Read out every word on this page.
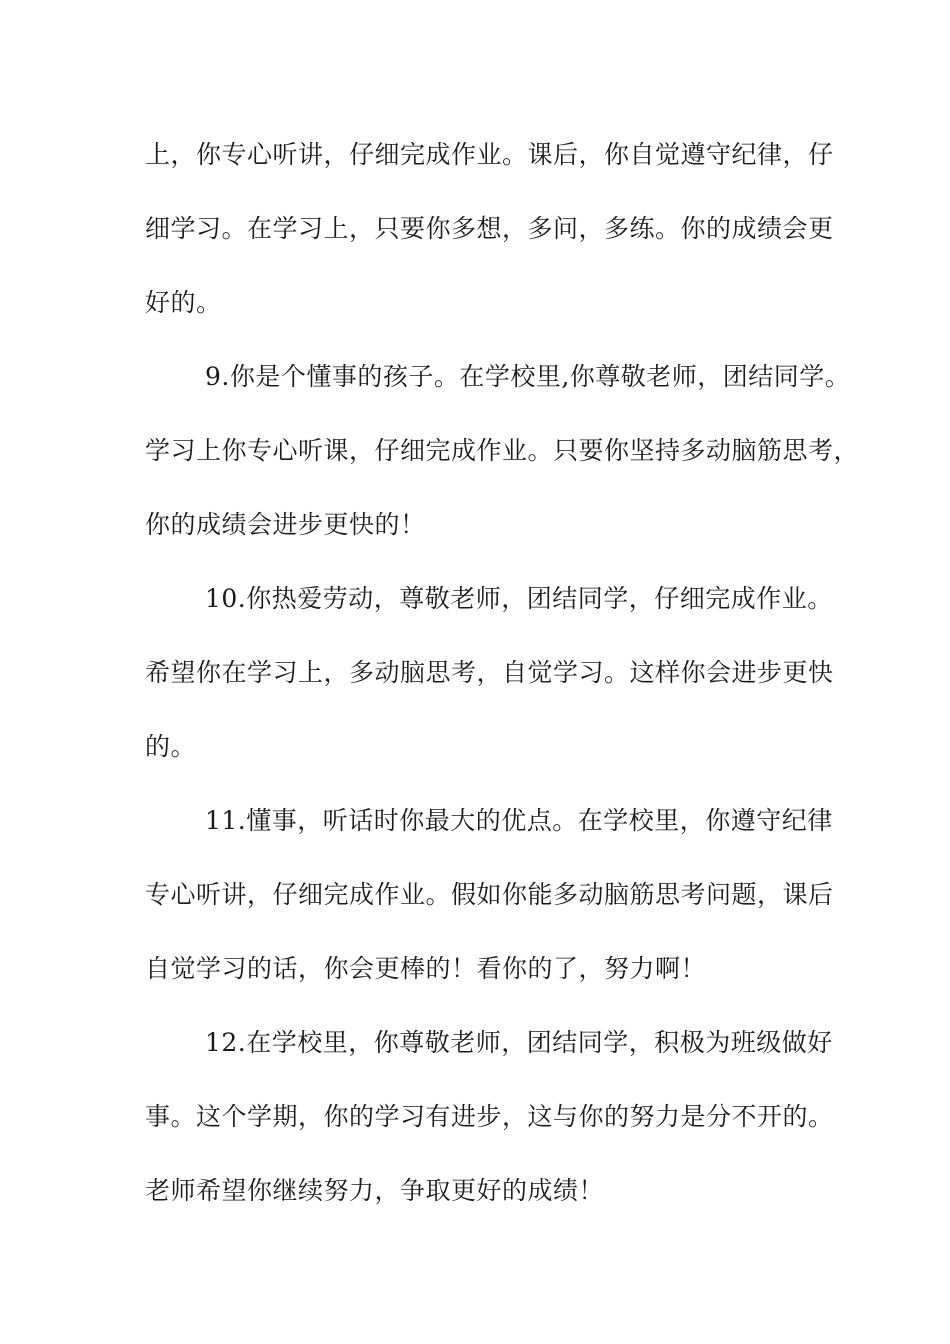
上，你专心听讲，仔细完成作业。课后，你自觉遵守纪律，仔
细学习。在学习上，只要你多想，多问，多练。你的成绩会更
好的。
9.你是个懂事的孩子。在学校里,你尊敬老师，团结同学。
学习上你专心听课，仔细完成作业。只要你坚持多动脑筋思考，
你的成绩会进步更快的！
10.你热爱劳动，尊敬老师，团结同学，仔细完成作业。
希望你在学习上，多动脑思考，自觉学习。这样你会进步更快
的。
11.懂事，听话时你最大的优点。在学校里，你遵守纪律
专心听讲，仔细完成作业。假如你能多动脑筋思考问题，课后
自觉学习的话，你会更棒的！看你的了，努力啊！
12.在学校里，你尊敬老师，团结同学，积极为班级做好
事。这个学期，你的学习有进步，这与你的努力是分不开的。
老师希望你继续努力，争取更好的成绩！
